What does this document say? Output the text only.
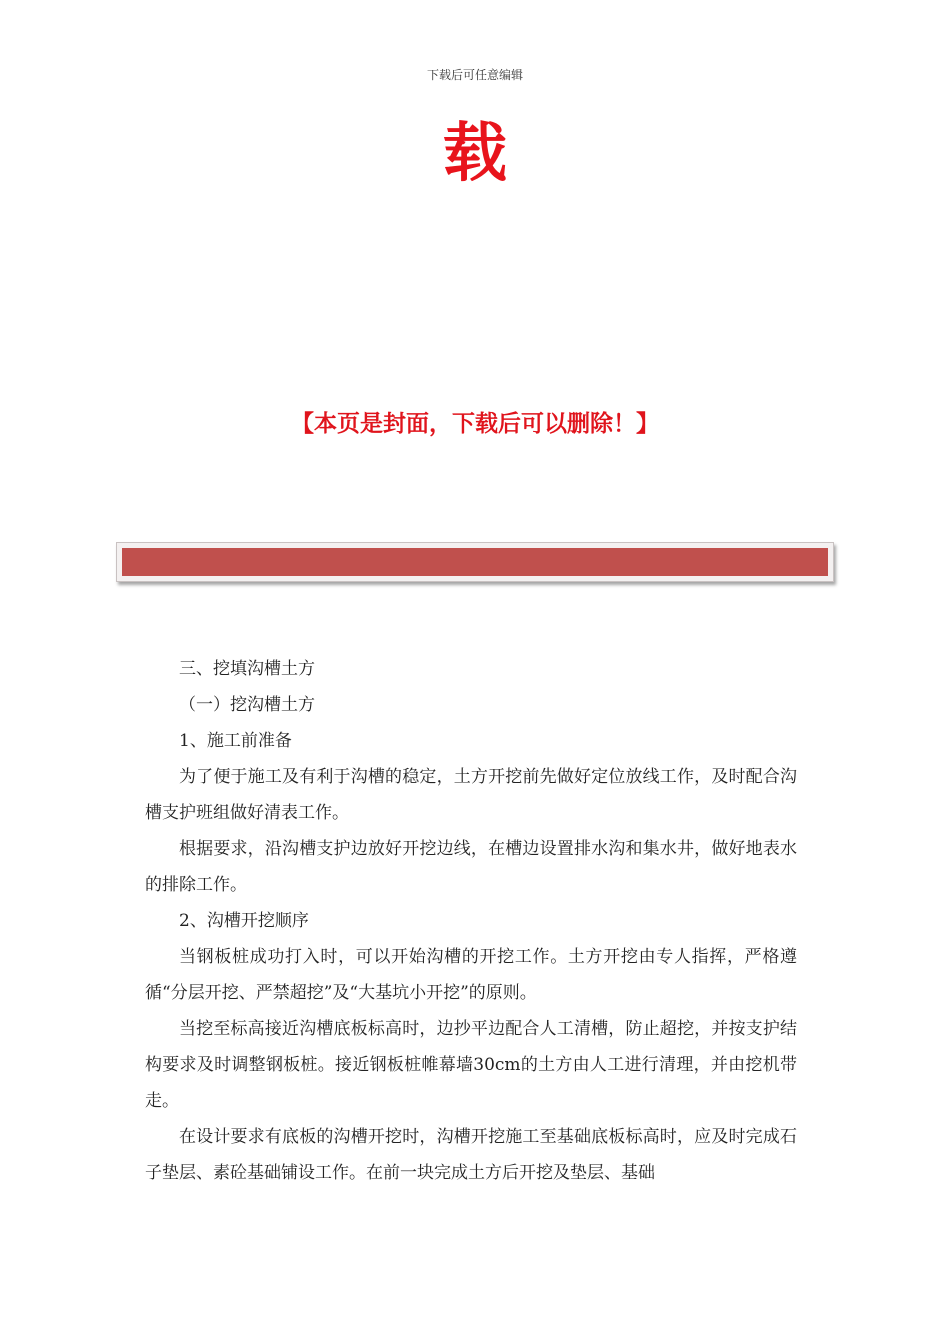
下载后可任意编辑
载
【本页是封面，下载后可以删除！】

三、挖填沟槽土方

（一）挖沟槽土方

1、施工前准备

为了便于施工及有利于沟槽的稳定，土方开挖前先做好定位放线工作，及时配合沟槽支护班组做好清表工作。

根据要求，沿沟槽支护边放好开挖边线，在槽边设置排水沟和集水井，做好地表水的排除工作。

2、沟槽开挖顺序

当钢板桩成功打入时，可以开始沟槽的开挖工作。土方开挖由专人指挥，严格遵循“分层开挖、严禁超挖”及“大基坑小开挖”的原则。

当挖至标高接近沟槽底板标高时，边抄平边配合人工清槽，防止超挖，并按支护结构要求及时调整钢板桩。接近钢板桩帷幕墙30cm的土方由人工进行清理，并由挖机带走。

在设计要求有底板的沟槽开挖时，沟槽开挖施工至基础底板标高时，应及时完成石子垫层、素砼基础铺设工作。在前一块完成土方后开挖及垫层、基础
